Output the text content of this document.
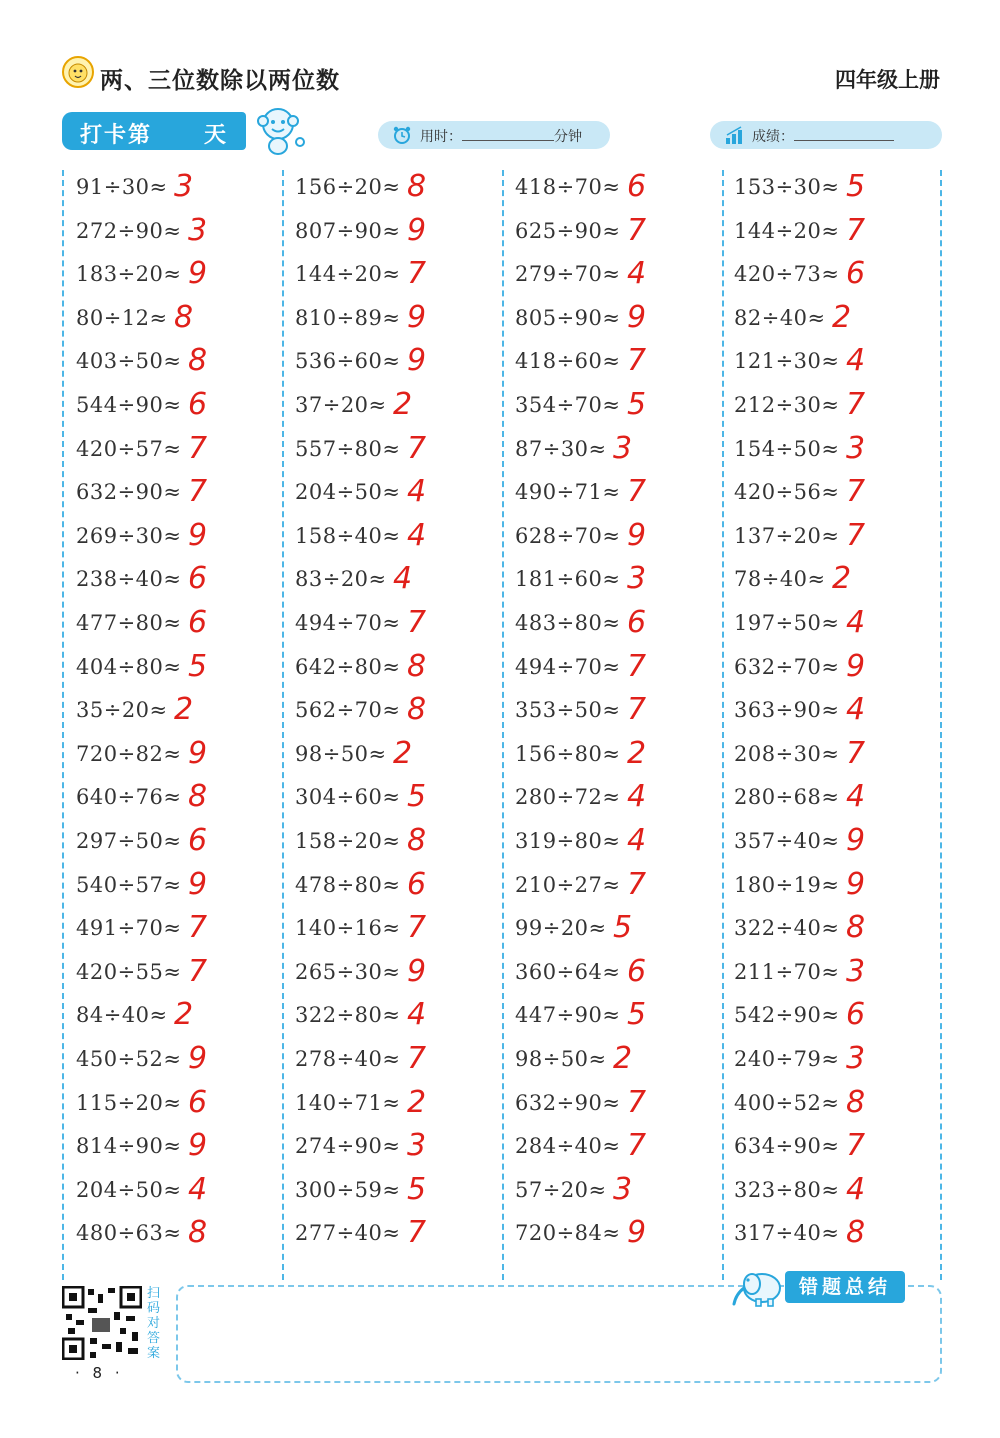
两、三位数除以两位数	四年级上册
打卡第 天	用时：	分钟	成绩：
91÷30≈ 3
272÷90≈ 3
183÷20≈ 9
80÷12≈ 8
403÷50≈ 8
544÷90≈ 6
420÷57≈ 7
632÷90≈ 7
269÷30≈ 9
238÷40≈ 6
477÷80≈ 6
404÷80≈ 5
35÷20≈ 2
720÷82≈ 9
640÷76≈ 8
297÷50≈ 6
540÷57≈ 9
491÷70≈ 7
420÷55≈ 7
84÷40≈ 2
450÷52≈ 9
115÷20≈ 6
814÷90≈ 9
204÷50≈ 4
480÷63≈ 8
156÷20≈ 8
807÷90≈ 9
144÷20≈ 7
810÷89≈ 9
536÷60≈ 9
37÷20≈ 2
557÷80≈ 7
204÷50≈ 4
158÷40≈ 4
83÷20≈ 4
494÷70≈ 7
642÷80≈ 8
562÷70≈ 8
98÷50≈ 2
304÷60≈ 5
158÷20≈ 8
478÷80≈ 6
140÷16≈ 7
265÷30≈ 9
322÷80≈ 4
278÷40≈ 7
140÷71≈ 2
274÷90≈ 3
300÷59≈ 5
277÷40≈ 7
418÷70≈ 6
625÷90≈ 7
279÷70≈ 4
805÷90≈ 9
418÷60≈ 7
354÷70≈ 5
87÷30≈ 3
490÷71≈ 7
628÷70≈ 9
181÷60≈ 3
483÷80≈ 6
494÷70≈ 7
353÷50≈ 7
156÷80≈ 2
280÷72≈ 4
319÷80≈ 4
210÷27≈ 7
99÷20≈ 5
360÷64≈ 6
447÷90≈ 5
98÷50≈ 2
632÷90≈ 7
284÷40≈ 7
57÷20≈ 3
720÷84≈ 9
153÷30≈ 5
144÷20≈ 7
420÷73≈ 6
82÷40≈ 2
121÷30≈ 4
212÷30≈ 7
154÷50≈ 3
420÷56≈ 7
137÷20≈ 7
78÷40≈ 2
197÷50≈ 4
632÷70≈ 9
363÷90≈ 4
208÷30≈ 7
280÷68≈ 4
357÷40≈ 9
180÷19≈ 9
322÷40≈ 8
211÷70≈ 3
542÷90≈ 6
240÷79≈ 3
400÷52≈ 8
634÷90≈ 7
323÷80≈ 4
317÷40≈ 8
扫码对答案
· 8 ·
错题总结
